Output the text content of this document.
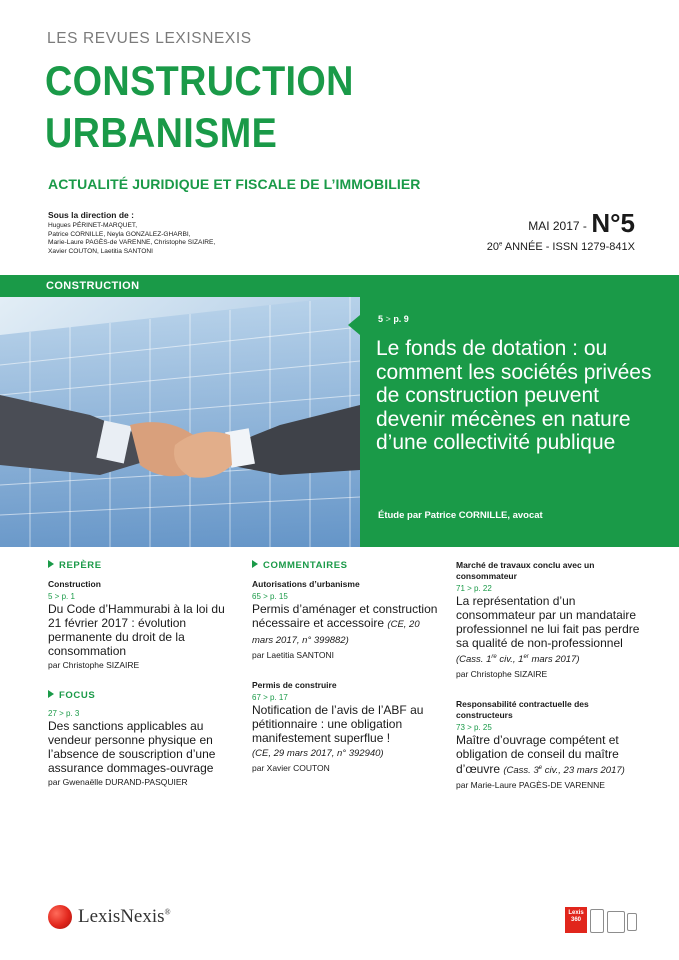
LES REVUES LEXISNEXIS
CONSTRUCTION
URBANISME
ACTUALITÉ JURIDIQUE ET FISCALE DE L’IMMOBILIER
Sous la direction de :
Hugues PÉRINET-MARQUET,
Patrice CORNILLE, Neyla GONZALEZ-GHARBI,
Marie-Laure PAGÈS-de VARENNE, Christophe SIZAIRE,
Xavier COUTON, Laetitia SANTONI
MAI 2017 - N°5
20e ANNÉE - ISSN 1279-841X
CONSTRUCTION
5 > p. 9
Le fonds de dotation : ou comment les sociétés privées de construction peuvent devenir mécènes en nature d’une collectivité publique
Étude par Patrice CORNILLE, avocat
REPÈRE
Construction
5 > p. 1
Du Code d’Hammurabi à la loi du 21 février 2017 : évolution permanente du droit de la consommation
par Christophe SIZAIRE
FOCUS
27 > p. 3
Des sanctions applicables au vendeur personne physique en l’absence de souscription d’une assurance dommages-ouvrage
par Gwenaëlle DURAND-PASQUIER
COMMENTAIRES
Autorisations d’urbanisme
65 > p. 15
Permis d’aménager et construction nécessaire et accessoire (CE, 20 mars 2017, n° 399882)
par Laetitia SANTONI
Permis de construire
67 > p. 17
Notification de l’avis de l’ABF au pétitionnaire : une obligation manifestement superflue !
(CE, 29 mars 2017, n° 392940)
par Xavier COUTON
Marché de travaux conclu avec un consommateur
71 > p. 22
La représentation d’un consommateur par un mandataire professionnel ne lui fait pas perdre sa qualité de non-professionnel (Cass. 1re civ., 1er mars 2017)
par Christophe SIZAIRE
Responsabilité contractuelle des constructeurs
73 > p. 25
Maître d’ouvrage compétent et obligation de conseil du maître d’œuvre (Cass. 3e civ., 23 mars 2017)
par Marie-Laure PAGÈS-DE VARENNE
LexisNexis®	Lexis
360
